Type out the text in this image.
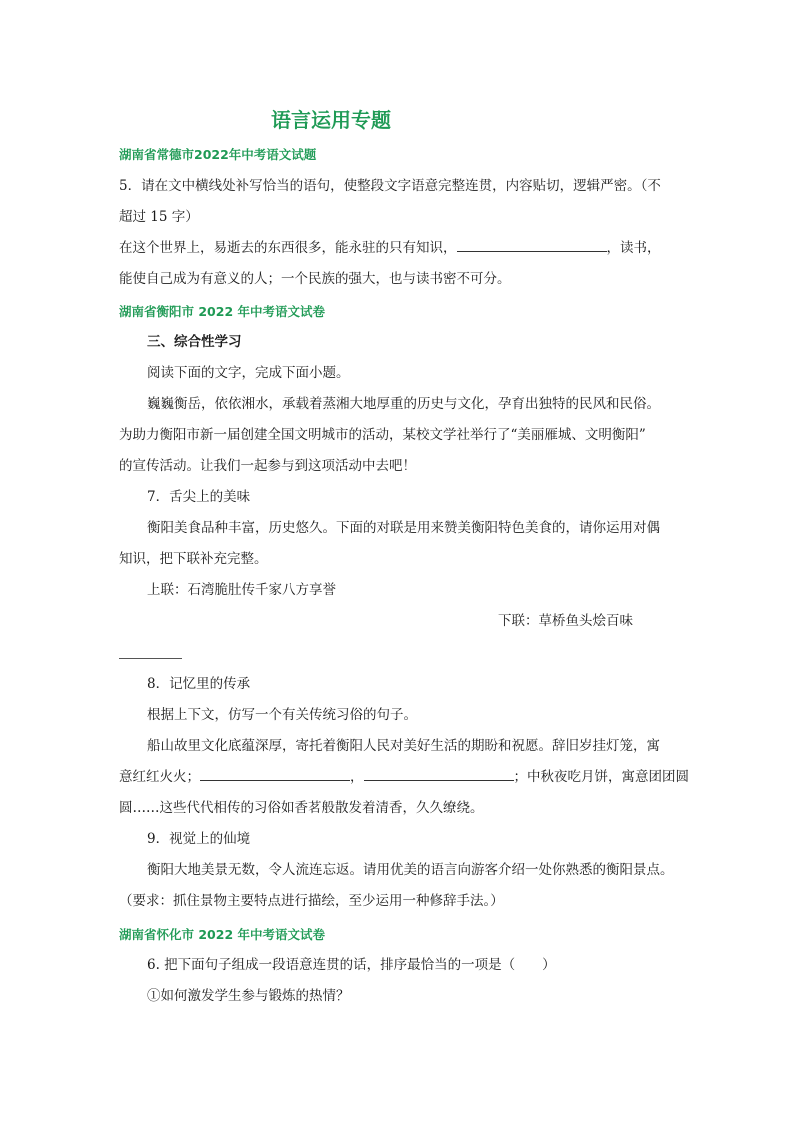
语言运用专题
湖南省常德市2022年中考语文试题
5．请在文中横线处补写恰当的语句，使整段文字语意完整连贯，内容贴切，逻辑严密。（不
超过 15 字）
在这个世界上，易逝去的东西很多，能永驻的只有知识，	，读书，
能使自己成为有意义的人；一个民族的强大，也与读书密不可分。
湖南省衡阳市 2022 年中考语文试卷
三、综合性学习
阅读下面的文字，完成下面小题。
巍巍衡岳，依依湘水，承载着蒸湘大地厚重的历史与文化，孕育出独特的民风和民俗。
为助力衡阳市新一届创建全国文明城市的活动，某校文学社举行了“美丽雁城、文明衡阳”
的宣传活动。让我们一起参与到这项活动中去吧！
7．舌尖上的美味
衡阳美食品种丰富，历史悠久。下面的对联是用来赞美衡阳特色美食的，请你运用对偶
知识，把下联补充完整。
上联：石湾脆肚传千家八方享誉
下联：草桥鱼头烩百味
8．记忆里的传承
根据上下文，仿写一个有关传统习俗的句子。
船山故里文化底蕴深厚，寄托着衡阳人民对美好生活的期盼和祝愿。辞旧岁挂灯笼，寓
意红红火火；	，	；中秋夜吃月饼，寓意团团圆
圆……这些代代相传的习俗如香茗般散发着清香，久久缭绕。
9．视觉上的仙境
衡阳大地美景无数，令人流连忘返。请用优美的语言向游客介绍一处你熟悉的衡阳景点。
（要求：抓住景物主要特点进行描绘，至少运用一种修辞手法。）
湖南省怀化市 2022 年中考语文试卷
6. 把下面句子组成一段语意连贯的话，排序最恰当的一项是（　　）
①如何激发学生参与锻炼的热情？
